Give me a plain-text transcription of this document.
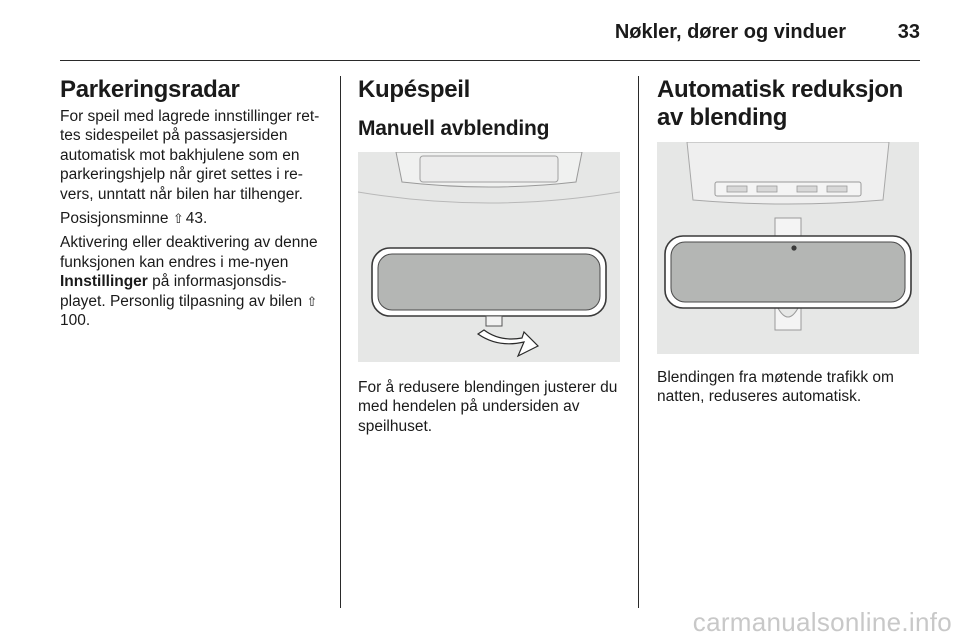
Nøkler, dører og vinduer	33
Parkeringsradar

For speil med lagrede innstillinger ret-tes sidespeilet på passasjersiden automatisk mot bakhjulene som en parkeringshjelp når giret settes i re-vers, unntatt når bilen har tilhenger.

Posisjonsminne ⇧ 43.

Aktivering eller deaktivering av denne funksjonen kan endres i me-nyen Innstillinger på informasjonsdis-playet. Personlig tilpasning av bilen ⇧100.

Kupéspeil
Manuell avblending

For å redusere blendingen justerer du med hendelen på undersiden av speilhuset.

Automatisk reduksjon av blending

Blendingen fra møtende trafikk om natten, reduseres automatisk.

carmanualsonline.info
